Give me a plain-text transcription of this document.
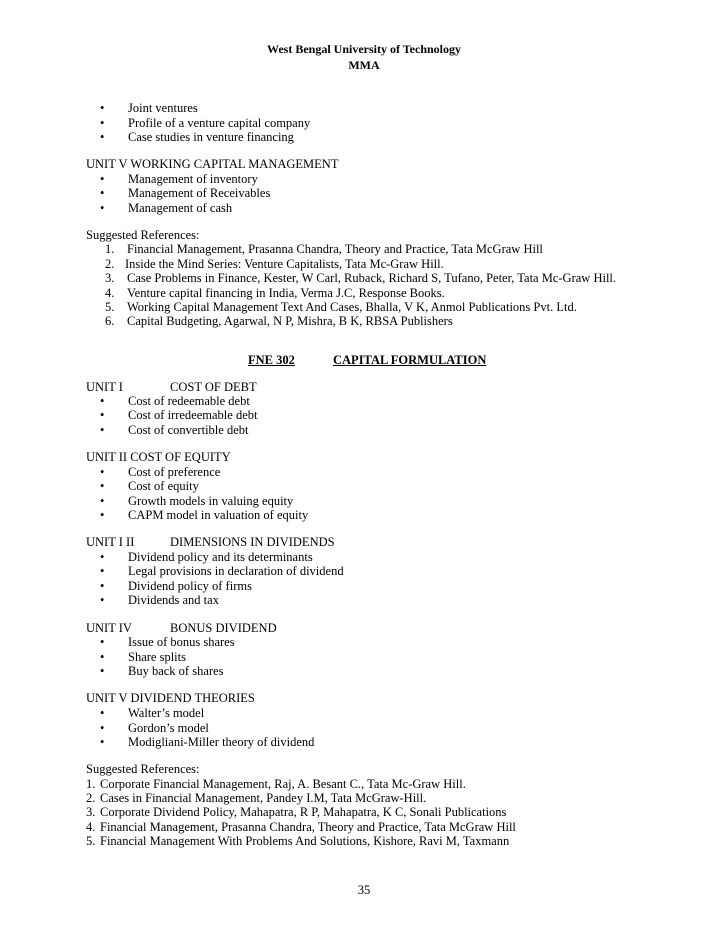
West Bengal University of Technology
MMA
• Joint ventures
• Profile of a venture capital company
• Case studies in venture financing
UNIT V WORKING CAPITAL MANAGEMENT
• Management of inventory
• Management of Receivables
• Management of cash
Suggested References:
1. Financial Management, Prasanna Chandra, Theory and Practice, Tata McGraw Hill
2. Inside the Mind Series: Venture Capitalists, Tata Mc-Graw Hill.
3. Case Problems in Finance, Kester, W Carl, Ruback, Richard S, Tufano, Peter, Tata Mc-Graw Hill.
4. Venture capital financing in India, Verma J.C, Response Books.
5. Working Capital Management Text And Cases, Bhalla, V K, Anmol Publications Pvt. Ltd.
6. Capital Budgeting, Agarwal, N P, Mishra, B K, RBSA Publishers
FNE 302	CAPITAL FORMULATION
UNIT I	COST OF DEBT
• Cost of redeemable debt
• Cost of irredeemable debt
• Cost of convertible debt
UNIT II COST OF EQUITY
• Cost of preference
• Cost of equity
• Growth models in valuing equity
• CAPM model in valuation of equity
UNIT I II	DIMENSIONS IN DIVIDENDS
• Dividend policy and its determinants
• Legal provisions in declaration of dividend
• Dividend policy of firms
• Dividends and tax
UNIT IV	BONUS DIVIDEND
• Issue of bonus shares
• Share splits
• Buy back of shares
UNIT V DIVIDEND THEORIES
• Walter’s model
• Gordon’s model
• Modigliani-Miller theory of dividend
Suggested References:
1. Corporate Financial Management, Raj, A. Besant C., Tata Mc-Graw Hill.
2. Cases in Financial Management, Pandey I.M, Tata McGraw-Hill.
3. Corporate Dividend Policy, Mahapatra, R P, Mahapatra, K C, Sonali Publications
4. Financial Management, Prasanna Chandra, Theory and Practice, Tata McGraw Hill
5. Financial Management With Problems And Solutions, Kishore, Ravi M, Taxmann
35
